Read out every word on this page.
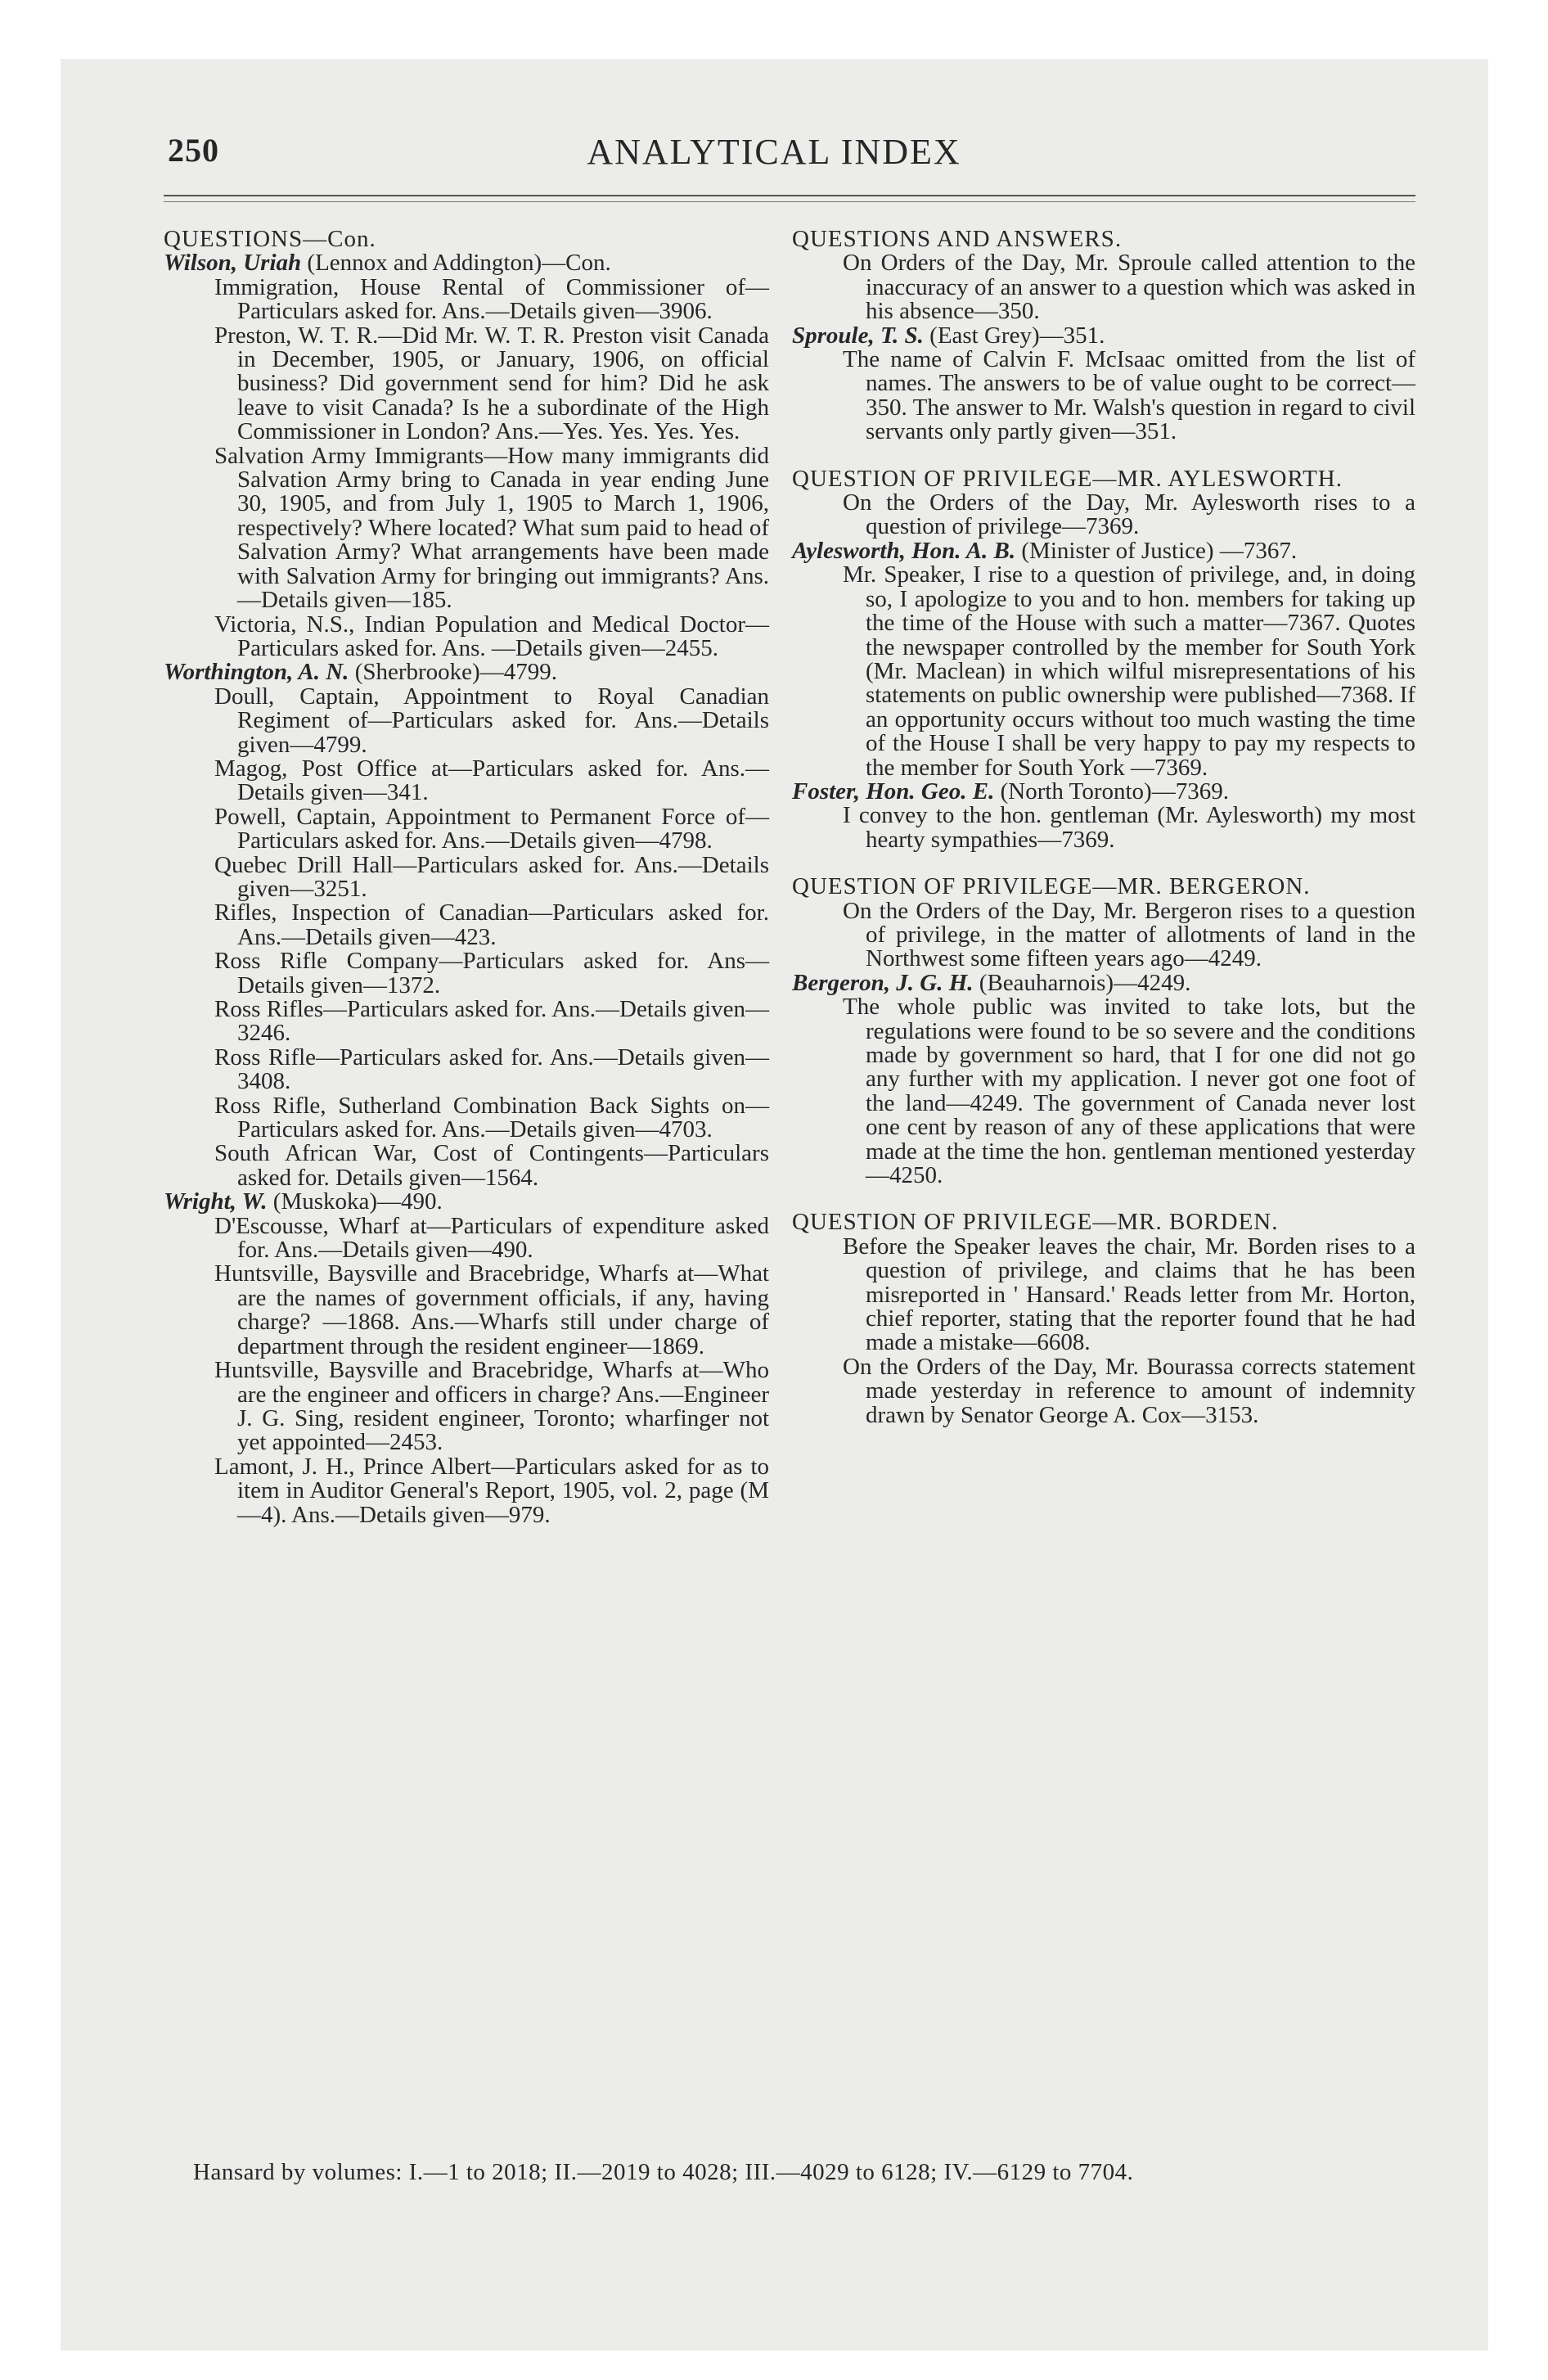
250	ANALYTICAL INDEX

QUESTIONS—Con.

Wilson, Uriah (Lennox and Addington)—Con.

Immigration, House Rental of Commissioner of—Particulars asked for. Ans.—Details given—3906.

Preston, W. T. R.—Did Mr. W. T. R. Preston visit Canada in December, 1905, or January, 1906, on official business? Did government send for him? Did he ask leave to visit Canada? Is he a subordinate of the High Commissioner in London? Ans.—Yes. Yes. Yes. Yes.

Salvation Army Immigrants—How many immigrants did Salvation Army bring to Canada in year ending June 30, 1905, and from July 1, 1905 to March 1, 1906, respectively? Where located? What sum paid to head of Salvation Army? What arrangements have been made with Salvation Army for bringing out immigrants? Ans.—Details given—185.

Victoria, N.S., Indian Population and Medical Doctor—Particulars asked for. Ans. —Details given—2455.

Worthington, A. N. (Sherbrooke)—4799.

Doull, Captain, Appointment to Royal Canadian Regiment of—Particulars asked for. Ans.—Details given—4799.

Magog, Post Office at—Particulars asked for. Ans.—Details given—341.

Powell, Captain, Appointment to Permanent Force of—Particulars asked for. Ans.—Details given—4798.

Quebec Drill Hall—Particulars asked for. Ans.—Details given—3251.

Rifles, Inspection of Canadian—Particulars asked for. Ans.—Details given—423.

Ross Rifle Company—Particulars asked for. Ans—Details given—1372.

Ross Rifles—Particulars asked for. Ans.—Details given—3246.

Ross Rifle—Particulars asked for. Ans.—Details given—3408.

Ross Rifle, Sutherland Combination Back Sights on—Particulars asked for. Ans.—Details given—4703.

South African War, Cost of Contingents—Particulars asked for. Details given—1564.

Wright, W. (Muskoka)—490.

D'Escousse, Wharf at—Particulars of expenditure asked for. Ans.—Details given—490.

Huntsville, Baysville and Bracebridge, Wharfs at—What are the names of government officials, if any, having charge? —1868. Ans.—Wharfs still under charge of department through the resident engineer—1869.

Huntsville, Baysville and Bracebridge, Wharfs at—Who are the engineer and officers in charge? Ans.—Engineer J. G. Sing, resident engineer, Toronto; wharfinger not yet appointed—2453.

Lamont, J. H., Prince Albert—Particulars asked for as to item in Auditor General's Report, 1905, vol. 2, page (M—4). Ans.—Details given—979.

QUESTIONS AND ANSWERS.

On Orders of the Day, Mr. Sproule called attention to the inaccuracy of an answer to a question which was asked in his absence—350.

Sproule, T. S. (East Grey)—351.

The name of Calvin F. McIsaac omitted from the list of names. The answers to be of value ought to be correct—350. The answer to Mr. Walsh's question in regard to civil servants only partly given—351.

QUESTION OF PRIVILEGE—MR. AYLESWORTH.

On the Orders of the Day, Mr. Aylesworth rises to a question of privilege—7369.

Aylesworth, Hon. A. B. (Minister of Justice) —7367.

Mr. Speaker, I rise to a question of privilege, and, in doing so, I apologize to you and to hon. members for taking up the time of the House with such a matter—7367. Quotes the newspaper controlled by the member for South York (Mr. Maclean) in which wilful misrepresentations of his statements on public ownership were published—7368. If an opportunity occurs without too much wasting the time of the House I shall be very happy to pay my respects to the member for South York —7369.

Foster, Hon. Geo. E. (North Toronto)—7369.

I convey to the hon. gentleman (Mr. Aylesworth) my most hearty sympathies—7369.

QUESTION OF PRIVILEGE—MR. BERGERON.

On the Orders of the Day, Mr. Bergeron rises to a question of privilege, in the matter of allotments of land in the Northwest some fifteen years ago—4249.

Bergeron, J. G. H. (Beauharnois)—4249.

The whole public was invited to take lots, but the regulations were found to be so severe and the conditions made by government so hard, that I for one did not go any further with my application. I never got one foot of the land—4249. The government of Canada never lost one cent by reason of any of these applications that were made at the time the hon. gentleman mentioned yesterday—4250.

QUESTION OF PRIVILEGE—MR. BORDEN.

Before the Speaker leaves the chair, Mr. Borden rises to a question of privilege, and claims that he has been misreported in ' Hansard.' Reads letter from Mr. Horton, chief reporter, stating that the reporter found that he had made a mistake—6608.

On the Orders of the Day, Mr. Bourassa corrects statement made yesterday in reference to amount of indemnity drawn by Senator George A. Cox—3153.

Hansard by volumes: I.—1 to 2018; II.—2019 to 4028; III.—4029 to 6128; IV.—6129 to 7704.
